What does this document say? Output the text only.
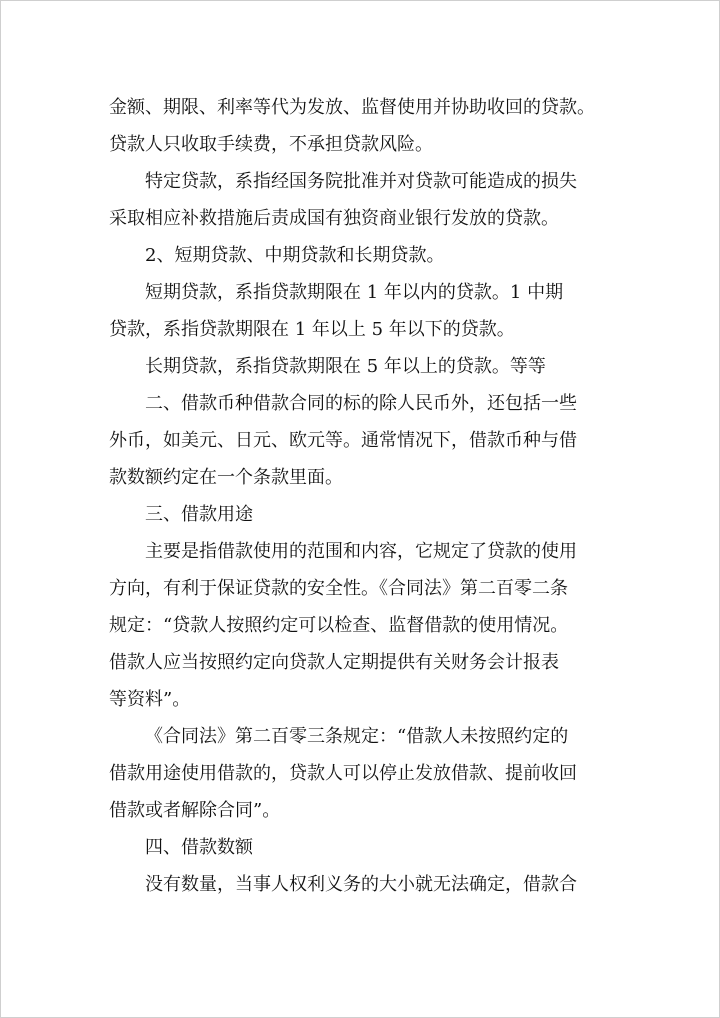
金额、期限、利率等代为发放、监督使用并协助收回的贷款。
贷款人只收取手续费，不承担贷款风险。
特定贷款，系指经国务院批准并对贷款可能造成的损失
采取相应补救措施后责成国有独资商业银行发放的贷款。
2、短期贷款、中期贷款和长期贷款。
短期贷款，系指贷款期限在 1 年以内的贷款。1 中期
贷款，系指贷款期限在 1 年以上 5 年以下的贷款。
长期贷款，系指贷款期限在 5 年以上的贷款。等等
二、借款币种借款合同的标的除人民币外，还包括一些
外币，如美元、日元、欧元等。通常情况下，借款币种与借
款数额约定在一个条款里面。
三、借款用途
主要是指借款使用的范围和内容，它规定了贷款的使用
方向，有利于保证贷款的安全性。《合同法》第二百零二条
规定：“贷款人按照约定可以检查、监督借款的使用情况。
借款人应当按照约定向贷款人定期提供有关财务会计报表
等资料”。
《合同法》第二百零三条规定：“借款人未按照约定的
借款用途使用借款的，贷款人可以停止发放借款、提前收回
借款或者解除合同”。
四、借款数额
没有数量，当事人权利义务的大小就无法确定，借款合
